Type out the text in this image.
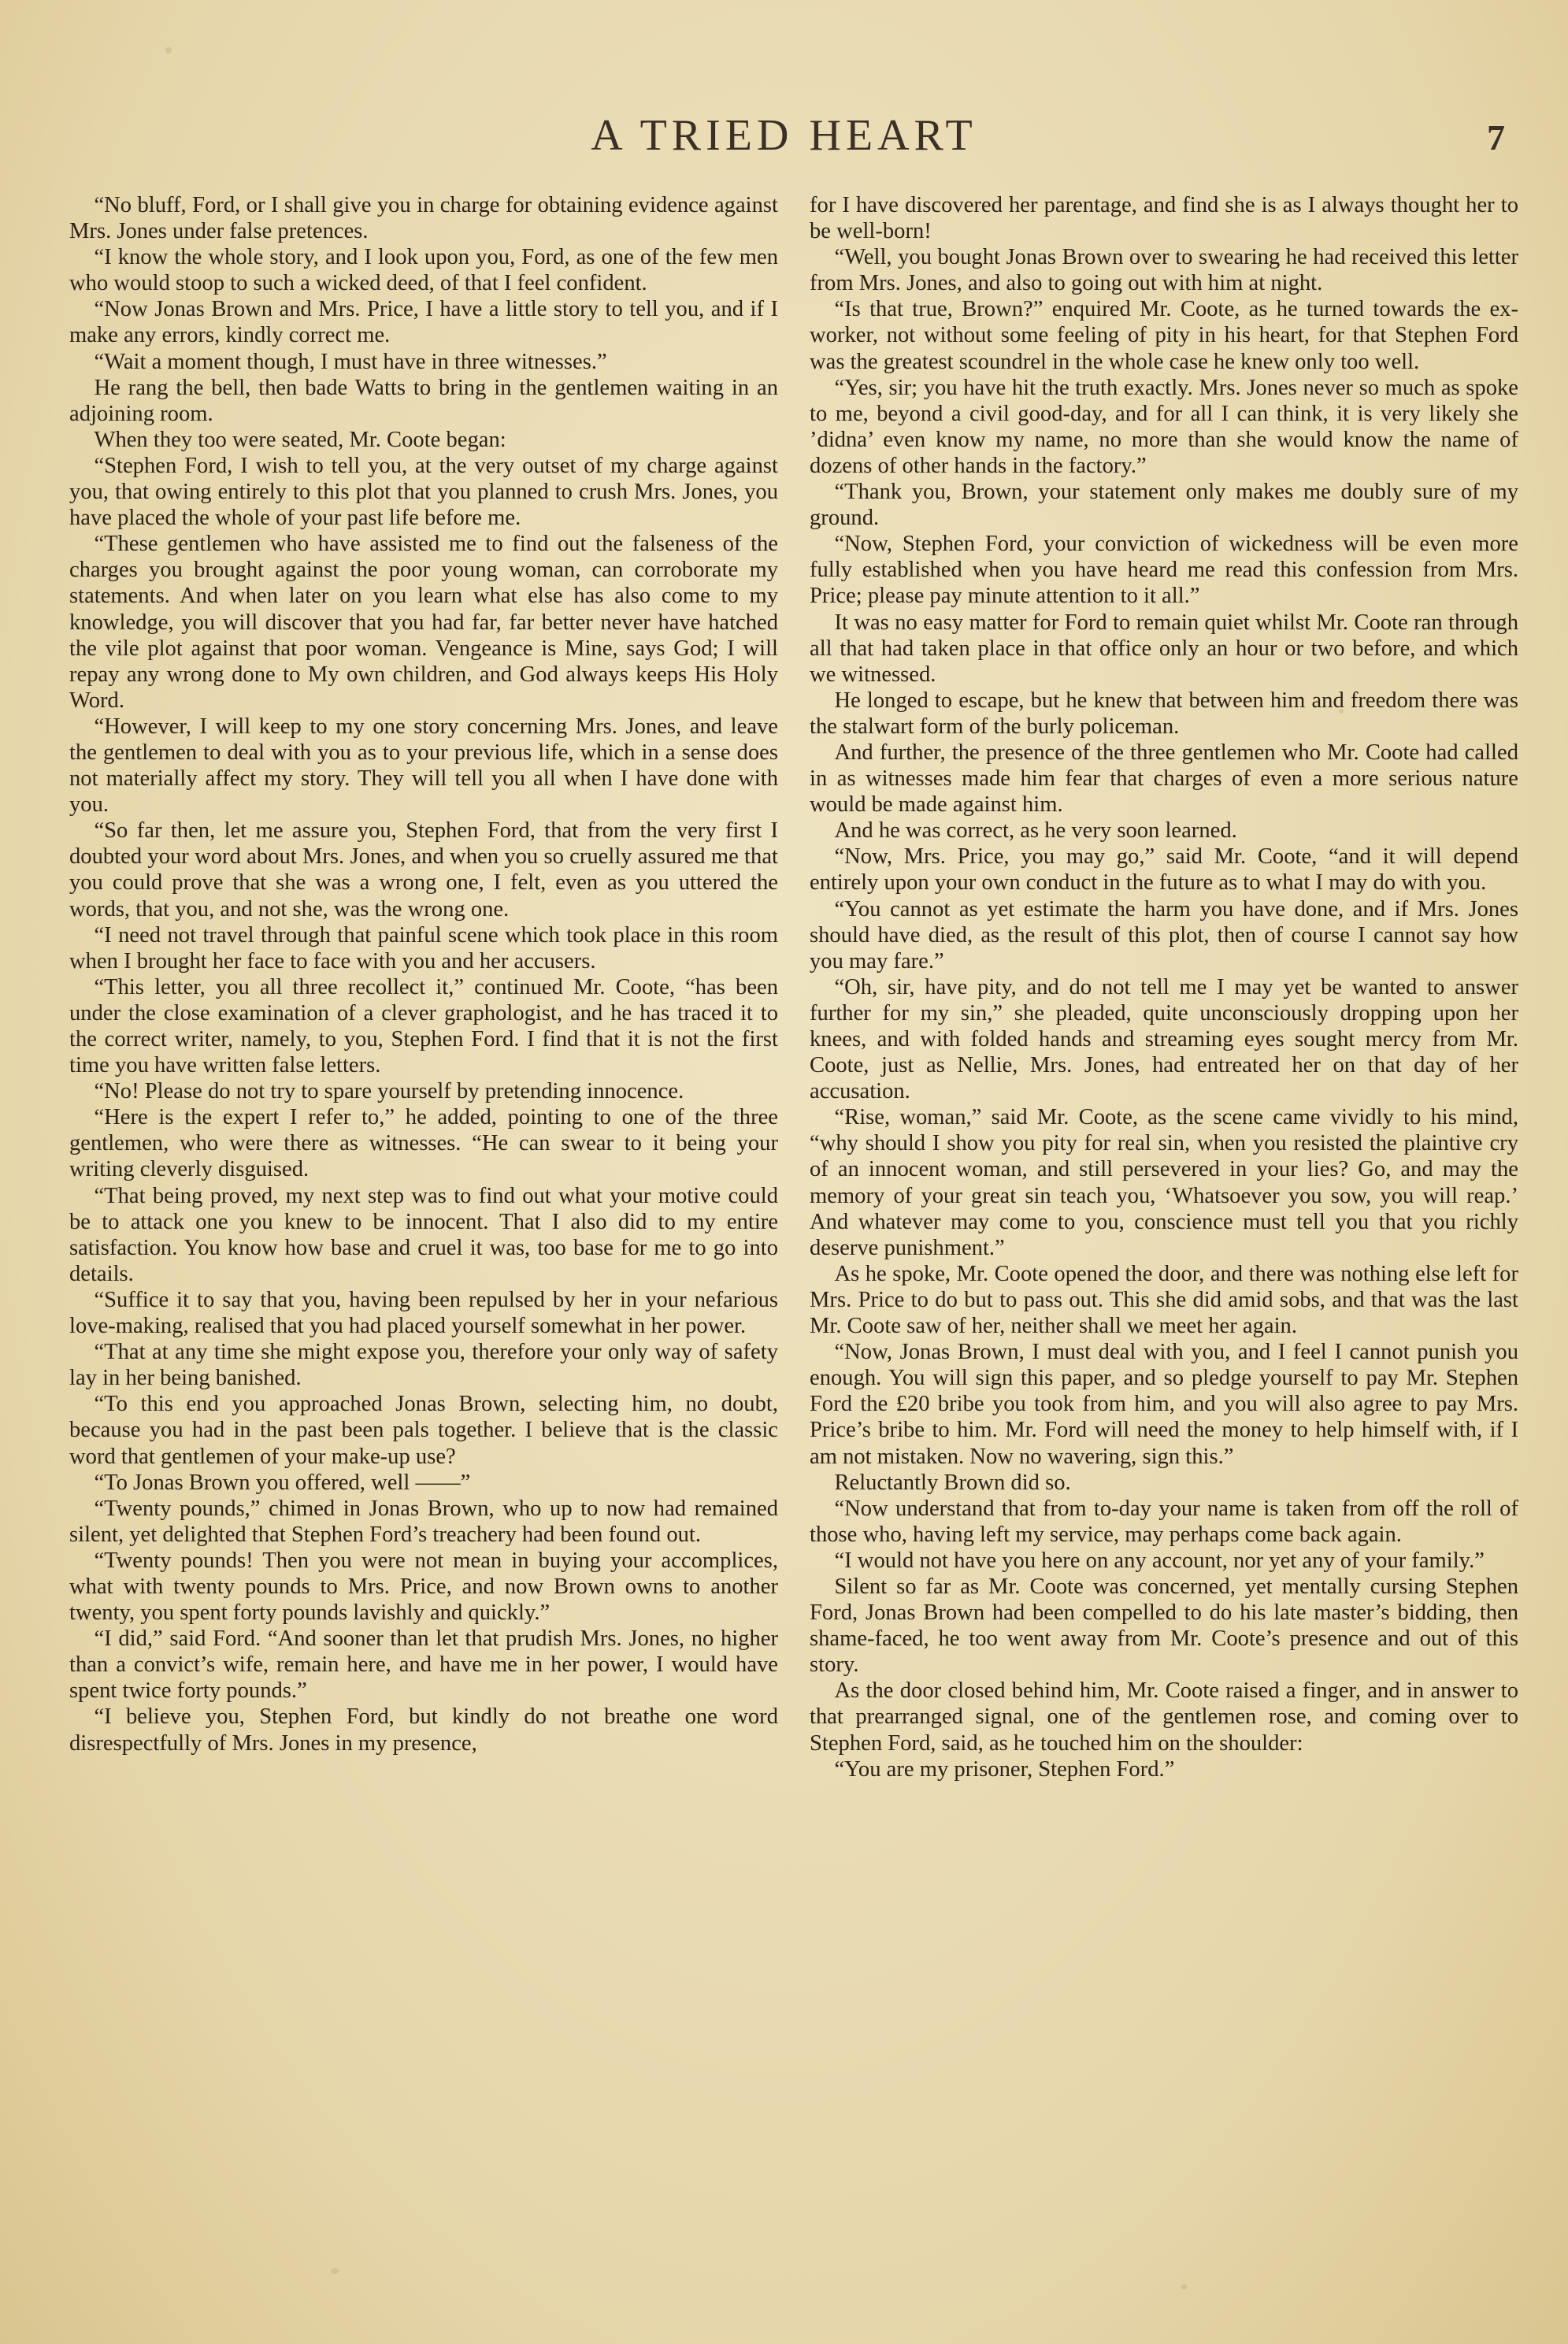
A TRIED HEART	7

“No bluff, Ford, or I shall give you in charge for obtaining evidence against Mrs. Jones under false pretences.

“I know the whole story, and I look upon you, Ford, as one of the few men who would stoop to such a wicked deed, of that I feel confident.

“Now Jonas Brown and Mrs. Price, I have a little story to tell you, and if I make any errors, kindly correct me.

“Wait a moment though, I must have in three witnesses.”

He rang the bell, then bade Watts to bring in the gentlemen waiting in an adjoining room.

When they too were seated, Mr. Coote began:

“Stephen Ford, I wish to tell you, at the very outset of my charge against you, that owing entirely to this plot that you planned to crush Mrs. Jones, you have placed the whole of your past life before me.

“These gentlemen who have assisted me to find out the falseness of the charges you brought against the poor young woman, can corroborate my statements. And when later on you learn what else has also come to my knowledge, you will discover that you had far, far better never have hatched the vile plot against that poor woman. Vengeance is Mine, says God; I will repay any wrong done to My own children, and God always keeps His Holy Word.

“However, I will keep to my one story concerning Mrs. Jones, and leave the gentlemen to deal with you as to your previous life, which in a sense does not materially affect my story. They will tell you all when I have done with you.

“So far then, let me assure you, Stephen Ford, that from the very first I doubted your word about Mrs. Jones, and when you so cruelly assured me that you could prove that she was a wrong one, I felt, even as you uttered the words, that you, and not she, was the wrong one.

“I need not travel through that painful scene which took place in this room when I brought her face to face with you and her accusers.

“This letter, you all three recollect it,” continued Mr. Coote, “has been under the close examination of a clever graphologist, and he has traced it to the correct writer, namely, to you, Stephen Ford. I find that it is not the first time you have written false letters.

“No! Please do not try to spare yourself by pretending innocence.

“Here is the expert I refer to,” he added, pointing to one of the three gentlemen, who were there as witnesses. “He can swear to it being your writing cleverly disguised.

“That being proved, my next step was to find out what your motive could be to attack one you knew to be innocent. That I also did to my entire satisfaction. You know how base and cruel it was, too base for me to go into details.

“Suffice it to say that you, having been repulsed by her in your nefarious love-making, realised that you had placed yourself somewhat in her power.

“That at any time she might expose you, therefore your only way of safety lay in her being banished.

“To this end you approached Jonas Brown, selecting him, no doubt, because you had in the past been pals together. I believe that is the classic word that gentlemen of your make-up use?

“To Jonas Brown you offered, well ——”

“Twenty pounds,” chimed in Jonas Brown, who up to now had remained silent, yet delighted that Stephen Ford’s treachery had been found out.

“Twenty pounds! Then you were not mean in buying your accomplices, what with twenty pounds to Mrs. Price, and now Brown owns to another twenty, you spent forty pounds lavishly and quickly.”

“I did,” said Ford. “And sooner than let that prudish Mrs. Jones, no higher than a convict’s wife, remain here, and have me in her power, I would have spent twice forty pounds.”

“I believe you, Stephen Ford, but kindly do not breathe one word disrespectfully of Mrs. Jones in my presence,

for I have discovered her parentage, and find she is as I always thought her to be well-born!

“Well, you bought Jonas Brown over to swearing he had received this letter from Mrs. Jones, and also to going out with him at night.

“Is that true, Brown?” enquired Mr. Coote, as he turned towards the ex-worker, not without some feeling of pity in his heart, for that Stephen Ford was the greatest scoundrel in the whole case he knew only too well.

“Yes, sir; you have hit the truth exactly. Mrs. Jones never so much as spoke to me, beyond a civil good-day, and for all I can think, it is very likely she ’didna’ even know my name, no more than she would know the name of dozens of other hands in the factory.”

“Thank you, Brown, your statement only makes me doubly sure of my ground.

“Now, Stephen Ford, your conviction of wickedness will be even more fully established when you have heard me read this confession from Mrs. Price; please pay minute attention to it all.”

It was no easy matter for Ford to remain quiet whilst Mr. Coote ran through all that had taken place in that office only an hour or two before, and which we witnessed.

He longed to escape, but he knew that between him and freedom there was the stalwart form of the burly policeman.

And further, the presence of the three gentlemen who Mr. Coote had called in as witnesses made him fear that charges of even a more serious nature would be made against him.

And he was correct, as he very soon learned.

“Now, Mrs. Price, you may go,” said Mr. Coote, “and it will depend entirely upon your own conduct in the future as to what I may do with you.

“You cannot as yet estimate the harm you have done, and if Mrs. Jones should have died, as the result of this plot, then of course I cannot say how you may fare.”

“Oh, sir, have pity, and do not tell me I may yet be wanted to answer further for my sin,” she pleaded, quite unconsciously dropping upon her knees, and with folded hands and streaming eyes sought mercy from Mr. Coote, just as Nellie, Mrs. Jones, had entreated her on that day of her accusation.

“Rise, woman,” said Mr. Coote, as the scene came vividly to his mind, “why should I show you pity for real sin, when you resisted the plaintive cry of an innocent woman, and still persevered in your lies? Go, and may the memory of your great sin teach you, ‘Whatsoever you sow, you will reap.’ And whatever may come to you, conscience must tell you that you richly deserve punishment.”

As he spoke, Mr. Coote opened the door, and there was nothing else left for Mrs. Price to do but to pass out. This she did amid sobs, and that was the last Mr. Coote saw of her, neither shall we meet her again.

“Now, Jonas Brown, I must deal with you, and I feel I cannot punish you enough. You will sign this paper, and so pledge yourself to pay Mr. Stephen Ford the £20 bribe you took from him, and you will also agree to pay Mrs. Price’s bribe to him. Mr. Ford will need the money to help himself with, if I am not mistaken. Now no wavering, sign this.”

Reluctantly Brown did so.

“Now understand that from to-day your name is taken from off the roll of those who, having left my service, may perhaps come back again.

“I would not have you here on any account, nor yet any of your family.”

Silent so far as Mr. Coote was concerned, yet mentally cursing Stephen Ford, Jonas Brown had been compelled to do his late master’s bidding, then shame-faced, he too went away from Mr. Coote’s presence and out of this story.

As the door closed behind him, Mr. Coote raised a finger, and in answer to that prearranged signal, one of the gentlemen rose, and coming over to Stephen Ford, said, as he touched him on the shoulder:

“You are my prisoner, Stephen Ford.”
